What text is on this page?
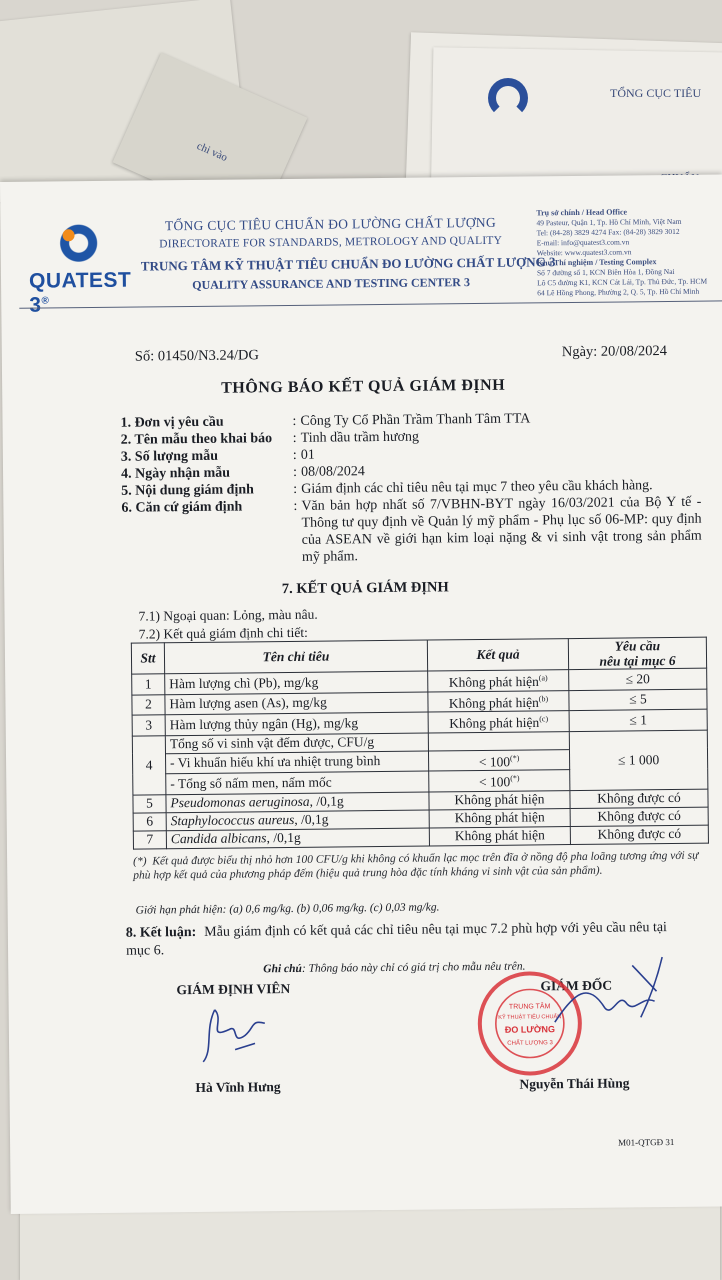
chi vào
TỔNG CỤC TIÊU
QUATEST 3®
TỔNG CỤC TIÊU CHUẨN ĐO LƯỜNG CHẤT LƯỢNG
DIRECTORATE FOR STANDARDS, METROLOGY AND QUALITY
TRUNG TÂM KỸ THUẬT TIÊU CHUẨN ĐO LƯỜNG CHẤT LƯỢNG 3
QUALITY ASSURANCE AND TESTING CENTER 3
Trụ sở chính / Head Office
49 Pasteur, Quận 1, Tp. Hồ Chí Minh, Việt Nam
Tel: (84-28) 3829 4274 Fax: (84-28) 3829 3012
E-mail: info@quatest3.com.vn
Website: www.quatest3.com.vn
Khu Thí nghiệm / Testing Complex
Số 7 đường số 1, KCN Biên Hòa 1, Đồng Nai
Lô C5 đường K1, KCN Cát Lái, Tp. Thủ Đức, Tp. HCM
64 Lê Hồng Phong, Phường 2, Q. 5, Tp. Hồ Chí Minh
Số: 01450/N3.24/DG	Ngày: 20/08/2024
THÔNG BÁO KẾT QUẢ GIÁM ĐỊNH
1. Đơn vị yêu cầu	: Công Ty Cổ Phần Trầm Thanh Tâm TTA
2. Tên mẫu theo khai báo	: Tinh dầu trầm hương
3. Số lượng mẫu	: 01
4. Ngày nhận mẫu	: 08/08/2024
5. Nội dung giám định	: Giám định các chỉ tiêu nêu tại mục 7 theo yêu cầu khách hàng.
6. Căn cứ giám định	: Văn bản hợp nhất số 7/VBHN-BYT ngày 16/03/2021 của Bộ Y tế - Thông tư quy định về Quản lý mỹ phẩm - Phụ lục số 06-MP: quy định của ASEAN về giới hạn kim loại nặng & vi sinh vật trong sản phẩm mỹ phẩm.
7. KẾT QUẢ GIÁM ĐỊNH
7.1) Ngoại quan: Lỏng, màu nâu.
7.2) Kết quả giám định chi tiết:
Stt	Tên chỉ tiêu	Kết quả	Yêu cầu
nêu tại mục 6
1	Hàm lượng chì (Pb), mg/kg	Không phát hiện$^{(a)}$	≤ 20
2	Hàm lượng asen (As), mg/kg	Không phát hiện$^{(b)}$	≤ 5
3	Hàm lượng thủy ngân (Hg), mg/kg	Không phát hiện$^{(c)}$	≤ 1
4	Tổng số vi sinh vật đếm được, CFU/g		≤ 1 000
	- Vi khuẩn hiếu khí ưa nhiệt trung bình	< 100(*)
	- Tổng số nấm men, nấm mốc	< 100(*)
5	Pseudomonas aeruginosa, /0,1g	Không phát hiện	Không được có
6	Staphylococcus aureus, /0,1g	Không phát hiện	Không được có
7	Candida albicans, /0,1g	Không phát hiện	Không được có
(*) Kết quả được biểu thị nhỏ hơn 100 CFU/g khi không có khuẩn lạc mọc trên đĩa ở nồng độ pha loãng tương ứng với sự phù hợp kết quả của phương pháp đếm (hiệu quả trung hòa đặc tính kháng vi sinh vật của sản phẩm).
Giới hạn phát hiện: (a) 0,6 mg/kg. (b) 0,06 mg/kg. (c) 0,03 mg/kg.
8. Kết luận: Mẫu giám định có kết quả các chỉ tiêu nêu tại mục 7.2 phù hợp với yêu cầu nêu tại mục 6.
Ghi chú: Thông báo này chỉ có giá trị cho mẫu nêu trên.
GIÁM ĐỊNH VIÊN	GIÁM ĐỐC
TRUNG TÂM
KỸ THUẬT TIÊU CHUẨN
ĐO LƯỜNG
CHẤT LƯỢNG 3
Hà Vĩnh Hưng	Nguyễn Thái Hùng
M01-QTGĐ 31
